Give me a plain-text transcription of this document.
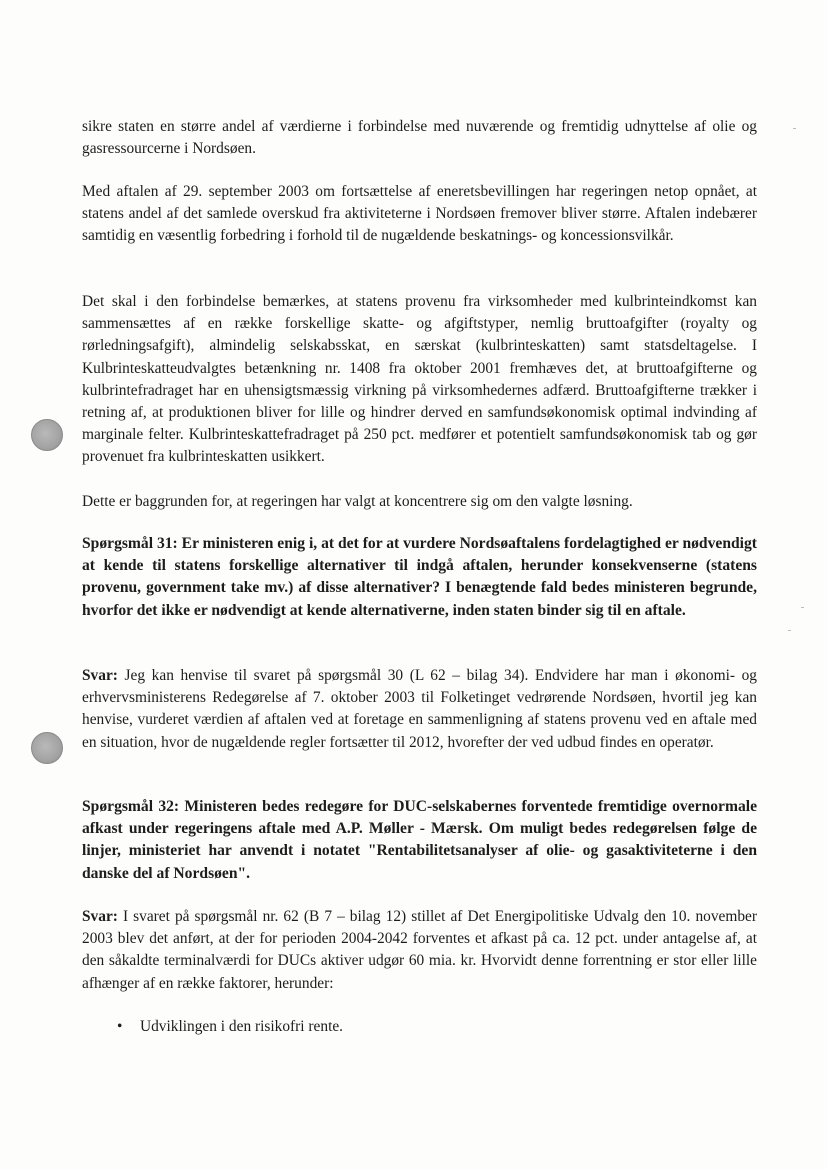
sikre staten en større andel af værdierne i forbindelse med nuværende og fremtidig udnyttelse af olie og gasressourcerne i Nordsøen.

Med aftalen af 29. september 2003 om fortsættelse af eneretsbevillingen har regeringen netop opnået, at statens andel af det samlede overskud fra aktiviteterne i Nordsøen fremover bliver større. Aftalen indebærer samtidig en væsentlig forbedring i forhold til de nugældende beskatnings- og koncessionsvilkår.

Det skal i den forbindelse bemærkes, at statens provenu fra virksomheder med kulbrinteindkomst kan sammensættes af en række forskellige skatte- og afgiftstyper, nemlig bruttoafgifter (royalty og rørledningsafgift), almindelig selskabsskat, en særskat (kulbrinteskatten) samt statsdeltagelse. I Kulbrinteskatteudvalgtes betænkning nr. 1408 fra oktober 2001 fremhæves det, at bruttoafgifterne og kulbrintefradraget har en uhensigtsmæssig virkning på virksomhedernes adfærd. Bruttoafgifterne trækker i retning af, at produktionen bliver for lille og hindrer derved en samfundsøkonomisk optimal indvinding af marginale felter. Kulbrinteskattefradraget på 250 pct. medfører et potentielt samfundsøkonomisk tab og gør provenuet fra kulbrinteskatten usikkert.

Dette er baggrunden for, at regeringen har valgt at koncentrere sig om den valgte løsning.

Spørgsmål 31: Er ministeren enig i, at det for at vurdere Nordsøaftalens fordelagtighed er nødvendigt at kende til statens forskellige alternativer til indgå aftalen, herunder konsekvenserne (statens provenu, government take mv.) af disse alternativer? I benægtende fald bedes ministeren begrunde, hvorfor det ikke er nødvendigt at kende alternativerne, inden staten binder sig til en aftale.

Svar: Jeg kan henvise til svaret på spørgsmål 30 (L 62 – bilag 34). Endvidere har man i økonomi- og erhvervsministerens Redegørelse af 7. oktober 2003 til Folketinget vedrørende Nordsøen, hvortil jeg kan henvise, vurderet værdien af aftalen ved at foretage en sammenligning af statens provenu ved en aftale med en situation, hvor de nugældende regler fortsætter til 2012, hvorefter der ved udbud findes en operatør.

Spørgsmål 32: Ministeren bedes redegøre for DUC-selskabernes forventede fremtidige overnormale afkast under regeringens aftale med A.P. Møller - Mærsk. Om muligt bedes redegørelsen følge de linjer, ministeriet har anvendt i notatet "Rentabilitetsanalyser af olie- og gasaktiviteterne i den danske del af Nordsøen".

Svar: I svaret på spørgsmål nr. 62 (B 7 – bilag 12) stillet af Det Energipolitiske Udvalg den 10. november 2003 blev det anført, at der for perioden 2004-2042 forventes et afkast på ca. 12 pct. under antagelse af, at den såkaldte terminalværdi for DUCs aktiver udgør 60 mia. kr. Hvorvidt denne forrentning er stor eller lille afhænger af en række faktorer, herunder:

• Udviklingen i den risikofri rente.
